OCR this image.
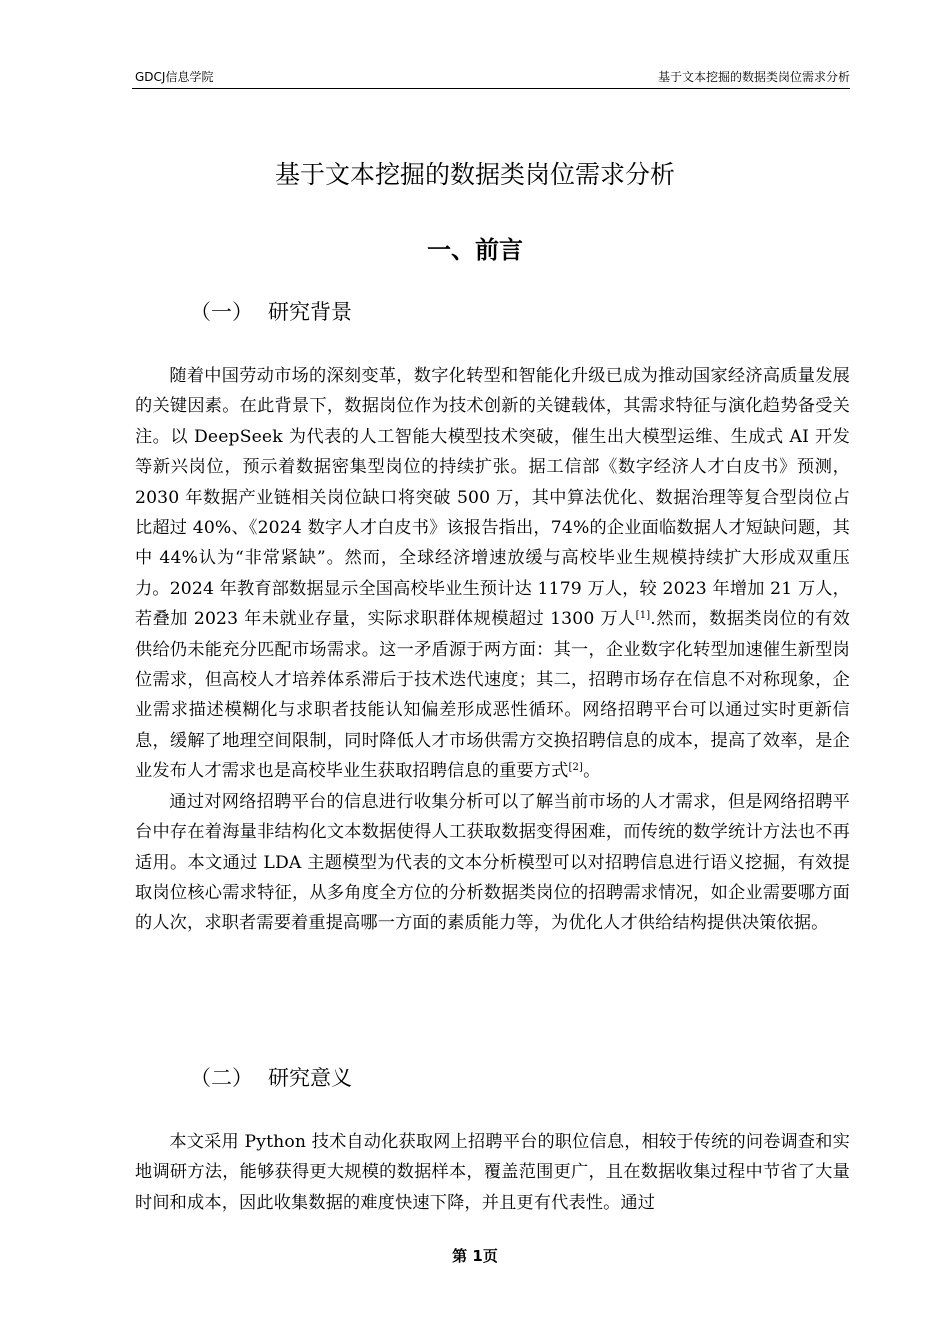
GDCJ信息学院	基于文本挖掘的数据类岗位需求分析
基于文本挖掘的数据类岗位需求分析
一、前言
（一） 研究背景

随着中国劳动市场的深刻变革，数字化转型和智能化升级已成为推动国家经济高质量发展的关键因素。在此背景下，数据岗位作为技术创新的关键载体，其需求特征与演化趋势备受关注。以 DeepSeek 为代表的人工智能大模型技术突破，催生出大模型运维、生成式 AI 开发等新兴岗位，预示着数据密集型岗位的持续扩张。据工信部《数字经济人才白皮书》预测，2030 年数据产业链相关岗位缺口将突破 500 万，其中算法优化、数据治理等复合型岗位占比超过 40%、《2024 数字人才白皮书》该报告指出，74%的企业面临数据人才短缺问题，其中 44%认为“非常紧缺”。然而，全球经济增速放缓与高校毕业生规模持续扩大形成双重压力。2024 年教育部数据显示全国高校毕业生预计达 1179 万人，较 2023 年增加 21 万人，若叠加 2023 年未就业存量，实际求职群体规模超过 1300 万人[1].然而，数据类岗位的有效供给仍未能充分匹配市场需求。这一矛盾源于两方面：其一，企业数字化转型加速催生新型岗位需求，但高校人才培养体系滞后于技术迭代速度；其二，招聘市场存在信息不对称现象，企业需求描述模糊化与求职者技能认知偏差形成恶性循环。网络招聘平台可以通过实时更新信息，缓解了地理空间限制，同时降低人才市场供需方交换招聘信息的成本，提高了效率，是企业发布人才需求也是高校毕业生获取招聘信息的重要方式[2]。

通过对网络招聘平台的信息进行收集分析可以了解当前市场的人才需求，但是网络招聘平台中存在着海量非结构化文本数据使得人工获取数据变得困难，而传统的数学统计方法也不再适用。本文通过 LDA 主题模型为代表的文本分析模型可以对招聘信息进行语义挖掘，有效提取岗位核心需求特征，从多角度全方位的分析数据类岗位的招聘需求情况，如企业需要哪方面的人次，求职者需要着重提高哪一方面的素质能力等，为优化人才供给结构提供决策依据。

（二） 研究意义

本文采用 Python 技术自动化获取网上招聘平台的职位信息，相较于传统的问卷调查和实地调研方法，能够获得更大规模的数据样本，覆盖范围更广，且在数据收集过程中节省了大量时间和成本，因此收集数据的难度快速下降，并且更有代表性。通过

第 1页
